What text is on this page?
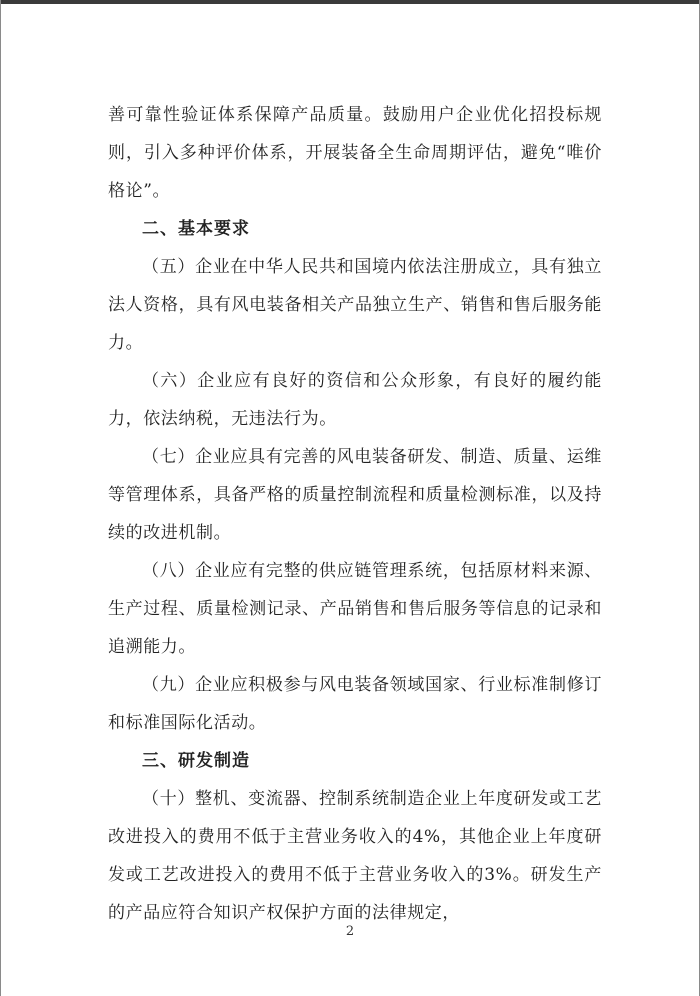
善可靠性验证体系保障产品质量。鼓励用户企业优化招投标规则，引入多种评价体系，开展装备全生命周期评估，避免“唯价格论”。

二、基本要求

（五）企业在中华人民共和国境内依法注册成立，具有独立法人资格，具有风电装备相关产品独立生产、销售和售后服务能力。

（六）企业应有良好的资信和公众形象，有良好的履约能力，依法纳税，无违法行为。

（七）企业应具有完善的风电装备研发、制造、质量、运维等管理体系，具备严格的质量控制流程和质量检测标准，以及持续的改进机制。

（八）企业应有完整的供应链管理系统，包括原材料来源、生产过程、质量检测记录、产品销售和售后服务等信息的记录和追溯能力。

（九）企业应积极参与风电装备领域国家、行业标准制修订和标准国际化活动。

三、研发制造

（十）整机、变流器、控制系统制造企业上年度研发或工艺改进投入的费用不低于主营业务收入的4%，其他企业上年度研发或工艺改进投入的费用不低于主营业务收入的3%。研发生产的产品应符合知识产权保护方面的法律规定，

2
